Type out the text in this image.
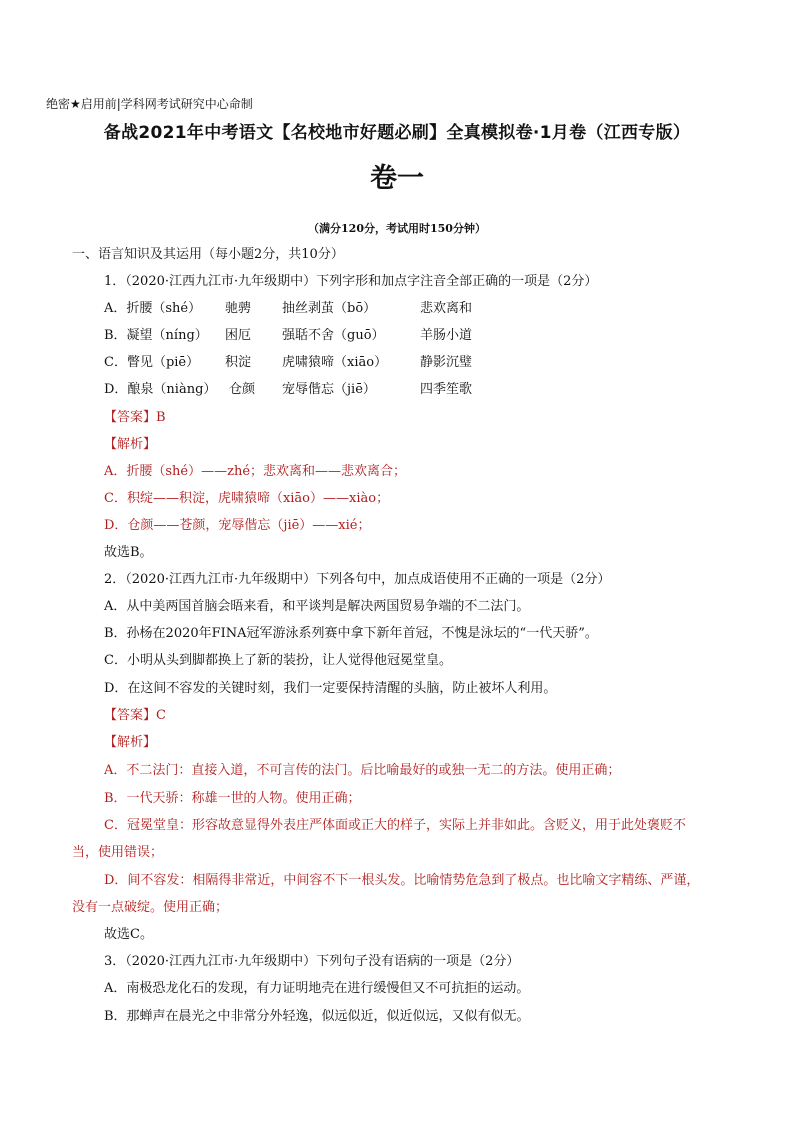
绝密★启用前|学科网考试研究中心命制
备战2021年中考语文【名校地市好题必刷】全真模拟卷·1月卷（江西专版）
卷一
（满分120分，考试用时150分钟）
一、语言知识及其运用（每小题2分，共10分）
1．（2020·江西九江市·九年级期中）下列字形和加点字注音全部正确的一项是（2分）
A．折腰（shé） 驰骋 抽丝剥茧（bō）	悲欢离和
B．凝望（níng） 困厄 强聒不舍（guō）	羊肠小道
C．瞥见（piē） 积淀 虎啸猿啼（xiāo）	静影沉璧
D．酿泉（niàng） 仓颜 宠辱偕忘（jiē）	四季笙歌
【答案】B
【解析】
A．折腰（shé）——zhé；悲欢离和——悲欢离合；
C．积绽——积淀，虎啸猿啼（xiāo）——xiào；
D．仓颜——苍颜，宠辱偕忘（jiē）——xié；
故选B。
2．（2020·江西九江市·九年级期中）下列各句中，加点成语使用不正确的一项是（2分）
A．从中美两国首脑会晤来看，和平谈判是解决两国贸易争端的不二法门。
B．孙杨在2020年FINA冠军游泳系列赛中拿下新年首冠，不愧是泳坛的“一代天骄”。
C．小明从头到脚都换上了新的装扮，让人觉得他冠冕堂皇。
D．在这间不容发的关键时刻，我们一定要保持清醒的头脑，防止被坏人利用。
【答案】C
【解析】
A．不二法门：直接入道，不可言传的法门。后比喻最好的或独一无二的方法。使用正确；
B．一代天骄：称雄一世的人物。使用正确；
C．冠冕堂皇：形容故意显得外表庄严体面或正大的样子，实际上并非如此。含贬义，用于此处褒贬不
当，使用错误；
D．间不容发：相隔得非常近，中间容不下一根头发。比喻情势危急到了极点。也比喻文字精练、严谨，
没有一点破绽。使用正确；
故选C。
3．（2020·江西九江市·九年级期中）下列句子没有语病的一项是（2分）
A．南极恐龙化石的发现，有力证明地壳在进行缓慢但又不可抗拒的运动。
B．那蝉声在晨光之中非常分外轻逸，似远似近，似近似远，又似有似无。
